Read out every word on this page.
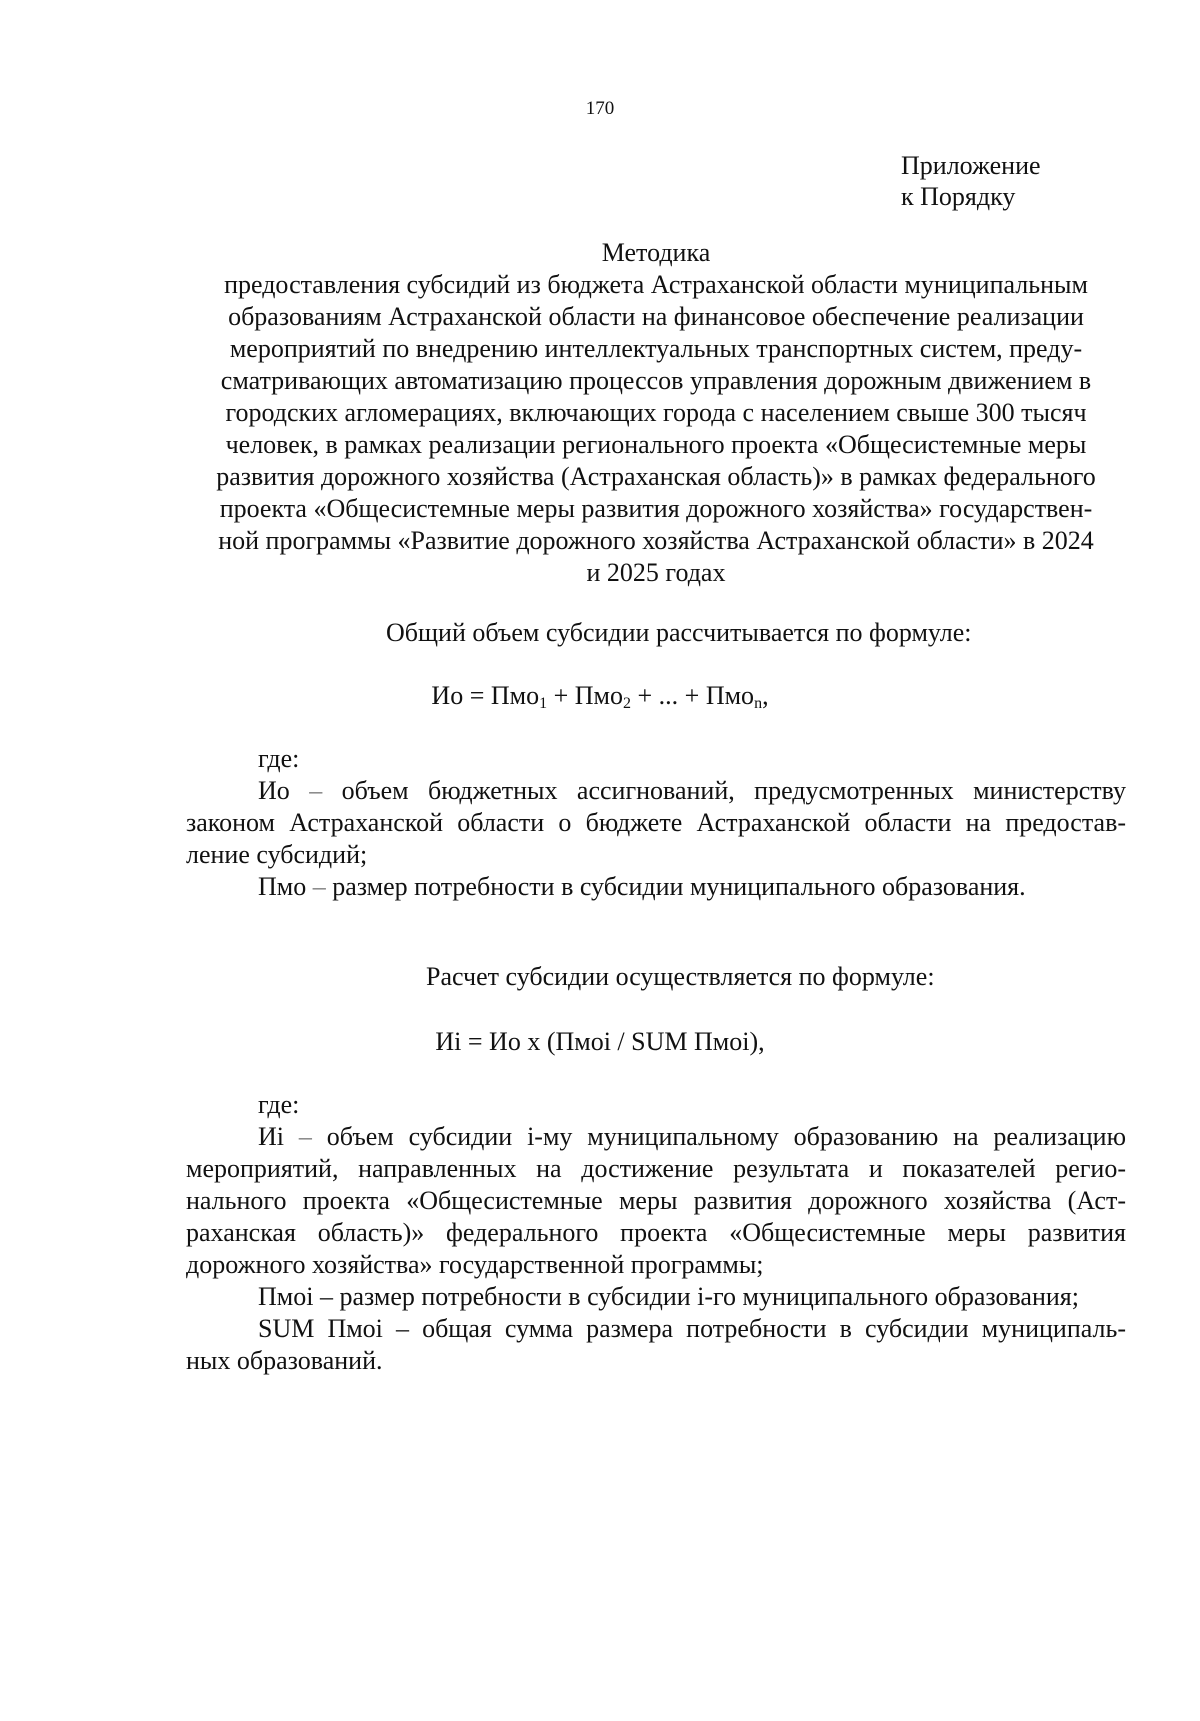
170
Приложение
к Порядку
Методика
предоставления субсидий из бюджета Астраханской области муниципальным
образованиям Астраханской области на финансовое обеспечение реализации
мероприятий по внедрению интеллектуальных транспортных систем, преду-
сматривающих автоматизацию процессов управления дорожным движением в
городских агломерациях, включающих города с населением свыше 300 тысяч
человек, в рамках реализации регионального проекта «Общесистемные меры
развития дорожного хозяйства (Астраханская область)» в рамках федерального
проекта «Общесистемные меры развития дорожного хозяйства» государствен-
ной программы «Развитие дорожного хозяйства Астраханской области» в 2024
и 2025 годах
Общий объем субсидии рассчитывается по формуле:
Ио = Пмо$_1$ + Пмо$_2$ + ... + Пмо$_n$,
где:
Ио – объем бюджетных ассигнований, предусмотренных министерству
законом Астраханской области о бюджете Астраханской области на предостав-
ление субсидий;
Пмо – размер потребности в субсидии муниципального образования.
Расчет субсидии осуществляется по формуле:
Иi = Ио x (Пмоi / SUM Пмоi),
где:
Иi – объем субсидии i-му муниципальному образованию на реализацию
мероприятий, направленных на достижение результата и показателей регио-
нального проекта «Общесистемные меры развития дорожного хозяйства (Аст-
раханская область)» федерального проекта «Общесистемные меры развития
дорожного хозяйства» государственной программы;
Пмоi – размер потребности в субсидии i-го муниципального образования;
SUM Пмоi – общая сумма размера потребности в субсидии муниципаль-
ных образований.
